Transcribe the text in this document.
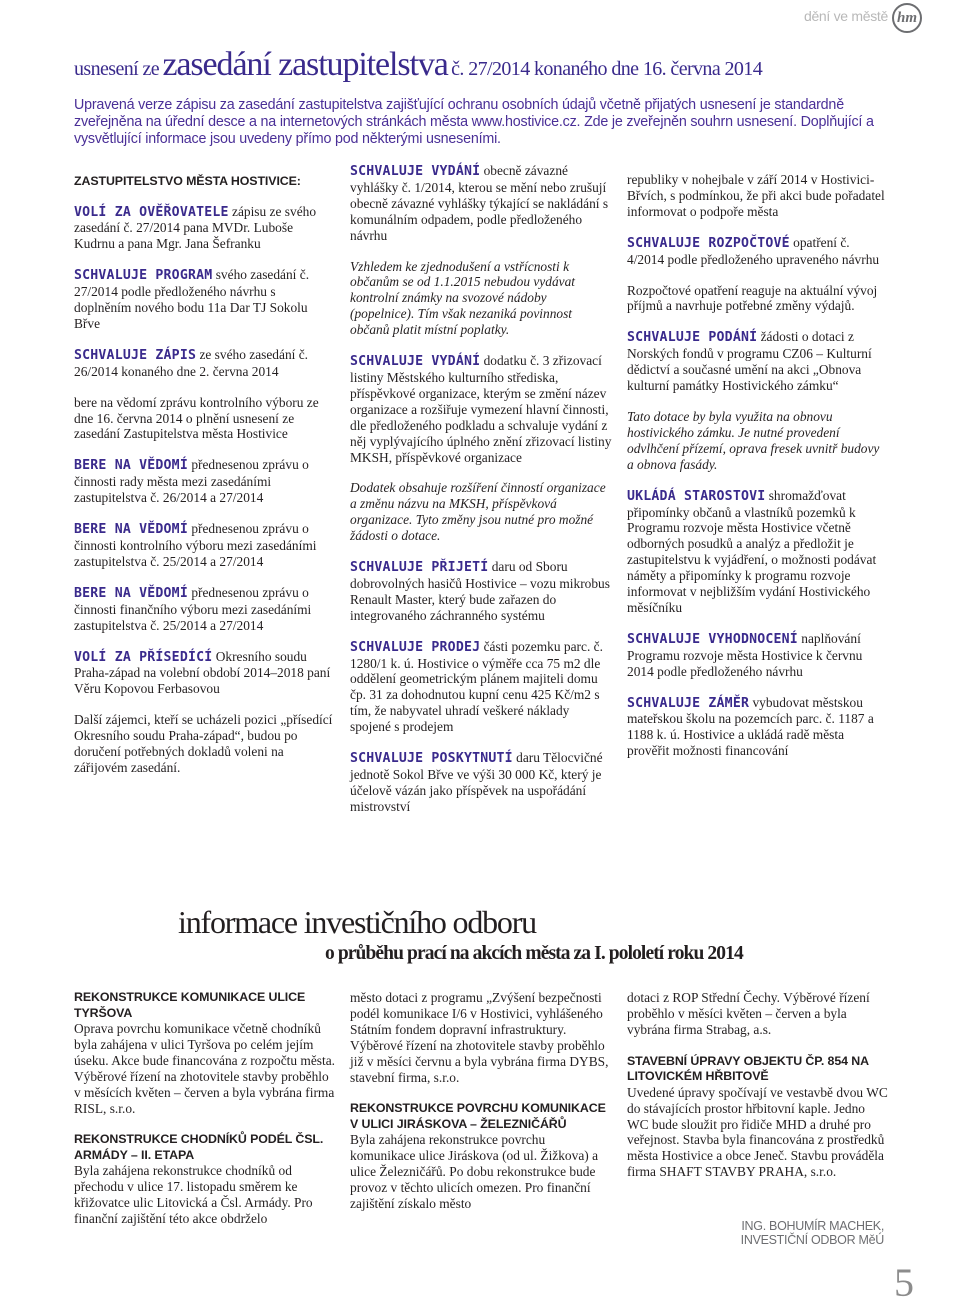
dění ve městě hm
usnesení ze zasedání zastupitelstva č. 27/2014 konaného dne 16. června 2014
Upravená verze zápisu za zasedání zastupitelstva zajišťující ochranu osobních údajů včetně přijatých usnesení je standardně zveřejněna na úřední desce a na internetových stránkách města www.hostivice.cz. Zde je zveřejněn souhrn usnesení. Doplňující a vysvětlující informace jsou uvedeny přímo pod některými usneseními.

ZASTUPITELSTVO MĚSTA HOSTIVICE:

VOLÍ ZA OVĚŘOVATELE zápisu ze svého zasedání č. 27/2014 pana MVDr. Luboše Kudrnu a pana Mgr. Jana Šefranku

SCHVALUJE PROGRAM svého zasedání č. 27/2014 podle předloženého návrhu s doplněním nového bodu 11a Dar TJ Sokolu Břve

SCHVALUJE ZÁPIS ze svého zasedání č. 26/2014 konaného dne 2. června 2014

bere na vědomí zprávu kontrolního výboru ze dne 16. června 2014 o plnění usnesení ze zasedání Zastupitelstva města Hostivice

BERE NA VĚDOMÍ přednesenou zprávu o činnosti rady města mezi zasedáními zastupitelstva č. 26/2014 a 27/2014

BERE NA VĚDOMÍ přednesenou zprávu o činnosti kontrolního výboru mezi zasedáními zastupitelstva č. 25/2014 a 27/2014

BERE NA VĚDOMÍ přednesenou zprávu o činnosti finančního výboru mezi zasedáními zastupitelstva č. 25/2014 a 27/2014

VOLÍ ZA PŘÍSEDÍCÍ Okresního soudu Praha-západ na volební období 2014–2018 paní Věru Kopovou Ferbasovou

Další zájemci, kteří se ucházeli pozici „přísedící Okresního soudu Praha-západ“, budou po doručení potřebných dokladů voleni na zářijovém zasedání.

SCHVALUJE VYDÁNÍ obecně závazné vyhlášky č. 1/2014, kterou se mění nebo zrušují obecně závazné vyhlášky týkající se nakládání s komunálním odpadem, podle předloženého návrhu

Vzhledem ke zjednodušení a vstřícnosti k občanům se od 1.1.2015 nebudou vydávat kontrolní známky na svozové nádoby (popelnice). Tím však nezaniká povinnost občanů platit místní poplatky.

SCHVALUJE VYDÁNÍ dodatku č. 3 zřizovací listiny Městského kulturního střediska, příspěvkové organizace, kterým se změní název organizace a rozšiřuje vymezení hlavní činnosti, dle předloženého podkladu a schvaluje vydání z něj vyplývajícího úplného znění zřizovací listiny MKSH, příspěvkové organizace

Dodatek obsahuje rozšíření činností organizace a změnu názvu na MKSH, příspěvková organizace. Tyto změny jsou nutné pro možné žádosti o dotace.

SCHVALUJE PŘIJETÍ daru od Sboru dobrovolných hasičů Hostivice – vozu mikrobus Renault Master, který bude zařazen do integrovaného záchranného systému

SCHVALUJE PRODEJ části pozemku parc. č. 1280/1 k. ú. Hostivice o výměře cca 75 m2 dle oddělení geometrickým plánem majiteli domu čp. 31 za dohodnutou kupní cenu 425 Kč/m2 s tím, že nabyvatel uhradí veškeré náklady spojené s prodejem

SCHVALUJE POSKYTNUTÍ daru Tělocvičné jednotě Sokol Břve ve výši 30 000 Kč, který je účelově vázán jako příspěvek na uspořádání mistrovství

republiky v nohejbale v září 2014 v Hostivici-Břvích, s podmínkou, že při akci bude pořadatel informovat o podpoře města

SCHVALUJE ROZPOČTOVÉ opatření č. 4/2014 podle předloženého upraveného návrhu

Rozpočtové opatření reaguje na aktuální vývoj příjmů a navrhuje potřebné změny výdajů.

SCHVALUJE PODÁNÍ žádosti o dotaci z Norských fondů v programu CZ06 – Kulturní dědictví a současné umění na akci „Obnova kulturní památky Hostivického zámku“

Tato dotace by byla využita na obnovu hostivického zámku. Je nutné provedení odvlhčení přízemí, oprava fresek uvnitř budovy a obnova fasády.

UKLÁDÁ STAROSTOVI shromažďovat připomínky občanů a vlastníků pozemků k Programu rozvoje města Hostivice včetně odborných posudků a analýz a předložit je zastupitelstvu k vyjádření, o možnosti podávat náměty a připomínky k programu rozvoje informovat v nejbližším vydání Hostivického měsíčníku

SCHVALUJE VYHODNOCENÍ naplňování Programu rozvoje města Hostivice k červnu 2014 podle předloženého návrhu

SCHVALUJE ZÁMĚR vybudovat městskou mateřskou školu na pozemcích parc. č. 1187 a 1188 k. ú. Hostivice a ukládá radě města prověřit možnosti financování

informace investičního odboru
o průběhu prací na akcích města za I. pololetí roku 2014
REKONSTRUKCE KOMUNIKACE ULICE TYRŠOVA
Oprava povrchu komunikace včetně chodníků byla zahájena v ulici Tyršova po celém jejím úseku. Akce bude financována z rozpočtu města. Výběrové řízení na zhotovitele stavby proběhlo v měsících květen – červen a byla vybrána firma RISL, s.r.o.
REKONSTRUKCE CHODNÍKŮ PODÉL ČSL. ARMÁDY – II. ETAPA
Byla zahájena rekonstrukce chodníků od přechodu v ulice 17. listopadu směrem ke křižovatce ulic Litovická a Čsl. Armády. Pro finanční zajištění této akce obdrželo
město dotaci z programu „Zvýšení bezpečnosti podél komunikace I/6 v Hostivici, vyhlášeného Státním fondem dopravní infrastruktury. Výběrové řízení na zhotovitele stavby proběhlo již v měsíci červnu a byla vybrána firma DYBS, stavební firma, s.r.o.
REKONSTRUKCE POVRCHU KOMUNIKACE V ULICI JIRÁSKOVA – ŽELEZNIČÁŘŮ
Byla zahájena rekonstrukce povrchu komunikace ulice Jiráskova (od ul. Žižkova) a ulice Železničářů. Po dobu rekonstrukce bude provoz v těchto ulicích omezen. Pro finanční zajištění získalo město
dotaci z ROP Střední Čechy. Výběrové řízení proběhlo v měsíci květen – červen a byla vybrána firma Strabag, a.s.
STAVEBNÍ ÚPRAVY OBJEKTU ČP. 854 NA LITOVICKÉM HŘBITOVĚ
Uvedené úpravy spočívají ve vestavbě dvou WC do stávajících prostor hřbitovní kaple. Jedno WC bude sloužit pro řidiče MHD a druhé pro veřejnost. Stavba byla financována z prostředků města Hostivice a obce Jeneč. Stavbu prováděla firma SHAFT STAVBY PRAHA, s.r.o.
ING. BOHUMÍR MACHEK,
INVESTIČNÍ ODBOR MěÚ
5
